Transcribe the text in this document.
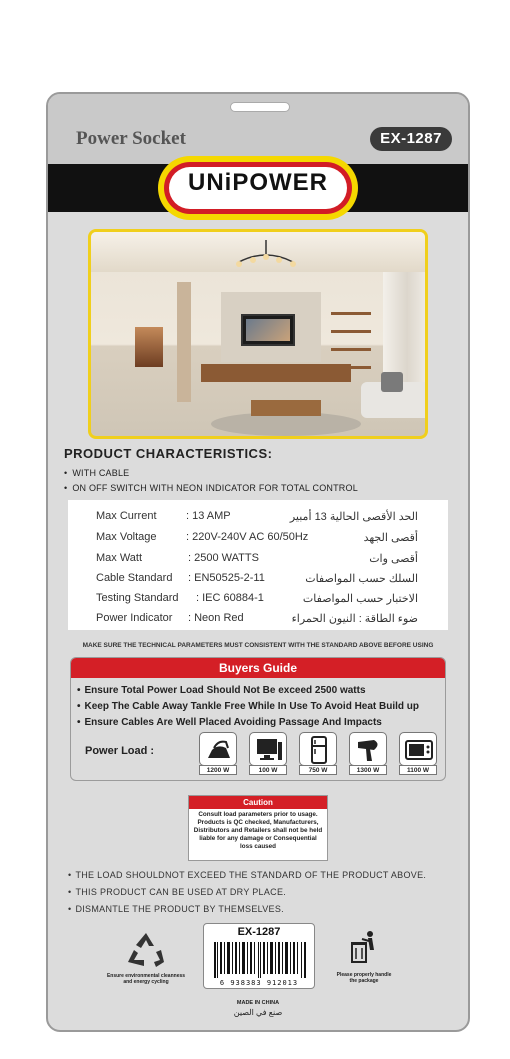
Power Socket	EX-1287
UNiPOWER
PRODUCT CHARACTERISTICS:
• WITH CABLE
• ON OFF SWITCH WITH NEON INDICATOR FOR TOTAL CONTROL
Max Current	: 13 AMP	الحد الأقصى الحالية 13 أمبير
Max Voltage	: 220V-240V AC 60/50Hz	أقصى الجهد
Max Watt	: 2500 WATTS	أقصى وات
Cable Standard : EN50525-2-11	السلك حسب المواصفات
Testing Standard : IEC 60884-1	الاختبار حسب المواصفات
Power Indicator : Neon Red	ضوء الطاقة : النيون الحمراء
MAKE SURE THE TECHNICAL PARAMETERS MUST CONSISTENT WITH THE STANDARD ABOVE BEFORE USING
Buyers Guide
• Ensure Total Power Load Should Not Be exceed 2500 watts
• Keep The Cable Away Tankle Free While In Use To Avoid Heat Build up
• Ensure Cables Are Well Placed Avoiding Passage And Impacts
Power Load :
1200 W	100 W	750 W	1300 W	1100 W
Caution
Consult load parameters prior to usage. Products is QC checked, Manufacturers, Distributors and Retailers shall not be held liable for any damage or Consequential loss caused
• THE LOAD SHOULDNOT EXCEED THE STANDARD OF THE PRODUCT ABOVE.
• THIS PRODUCT CAN BE USED AT DRY PLACE.
• DISMANTLE THE PRODUCT BY THEMSELVES.
Ensure environmental cleanness and energy cycling
EX-1287
6 938383 912013
Please properly handle the package
MADE IN CHINA
صنع في الصين
